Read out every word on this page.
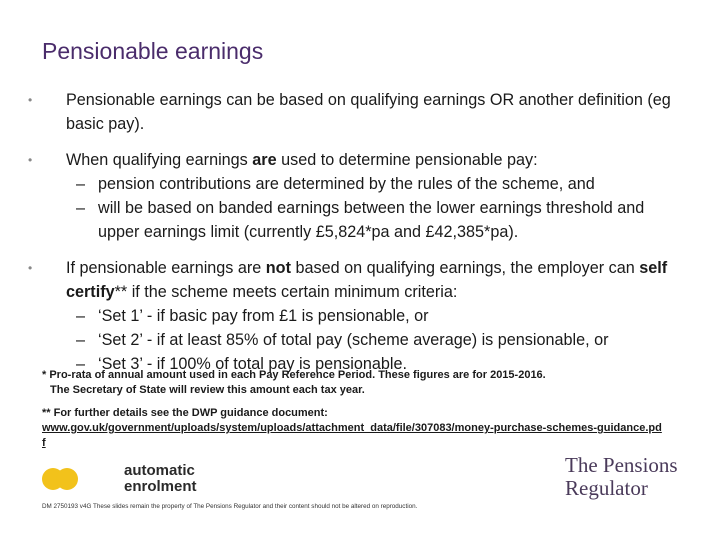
Pensionable earnings
• Pensionable earnings can be based on qualifying earnings OR another definition (eg basic pay).
• When qualifying earnings are used to determine pensionable pay:
– pension contributions are determined by the rules of the scheme, and
– will be based on banded earnings between the lower earnings threshold and upper earnings limit (currently £5,824*pa and £42,385*pa).
• If pensionable earnings are not based on qualifying earnings, the employer can self certify** if the scheme meets certain minimum criteria:
– ‘Set 1’ - if basic pay from £1 is pensionable, or
– ‘Set 2’ - if at least 85% of total pay (scheme average) is pensionable, or
– ‘Set 3’ - if 100% of total pay is pensionable.
* Pro-rata of annual amount used in each Pay Reference Period. These figures are for 2015-2016.
The Secretary of State will review this amount each tax year.
** For further details see the DWP guidance document:
www.gov.uk/government/uploads/system/uploads/attachment_data/file/307083/money-purchase-schemes-guidance.pdf
automatic
enrolment
The Pensions
Regulator
DM 2750193 v4G These slides remain the property of The Pensions Regulator and their content should not be altered on reproduction.
